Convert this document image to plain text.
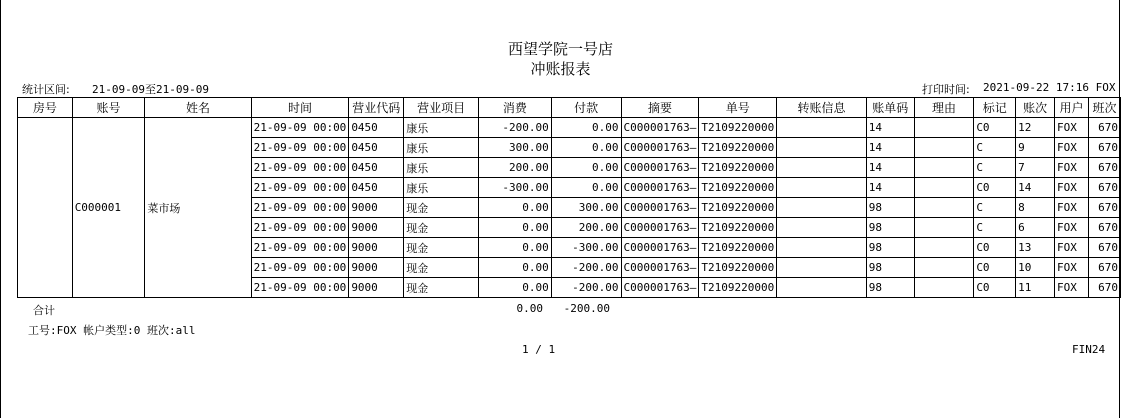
西望学院一号店
冲账报表
统计区间: 21-09-09至21-09-09	打印时间: 2021-09-22 17:16 FOX
房号	账号	姓名	时间	营业代码	营业项目	消费	付款	摘要	单号	转账信息	账单码	理由	标记	账次	用户	班次
	C000001	菜市场	21-09-09 00:00	0450	康乐	-200.00	0.00	C000001763—	T2109220000		14		C0	12	FOX	670
			21-09-09 00:00	0450	康乐	300.00	0.00	C000001763—	T2109220000		14		C	9	FOX	670
			21-09-09 00:00	0450	康乐	200.00	0.00	C000001763—	T2109220000		14		C	7	FOX	670
			21-09-09 00:00	0450	康乐	-300.00	0.00	C000001763—	T2109220000		14		C0	14	FOX	670
			21-09-09 00:00	9000	现金	0.00	300.00	C000001763—	T2109220000		98		C	8	FOX	670
			21-09-09 00:00	9000	现金	0.00	200.00	C000001763—	T2109220000		98		C	6	FOX	670
			21-09-09 00:00	9000	现金	0.00	-300.00	C000001763—	T2109220000		98		C0	13	FOX	670
			21-09-09 00:00	9000	现金	0.00	-200.00	C000001763—	T2109220000		98		C0	10	FOX	670
			21-09-09 00:00	9000	现金	0.00	-200.00	C000001763—	T2109220000		98		C0	11	FOX	670
合计	0.00	-200.00
工号:FOX 帐户类型:0 班次:all
1 / 1	FIN24
